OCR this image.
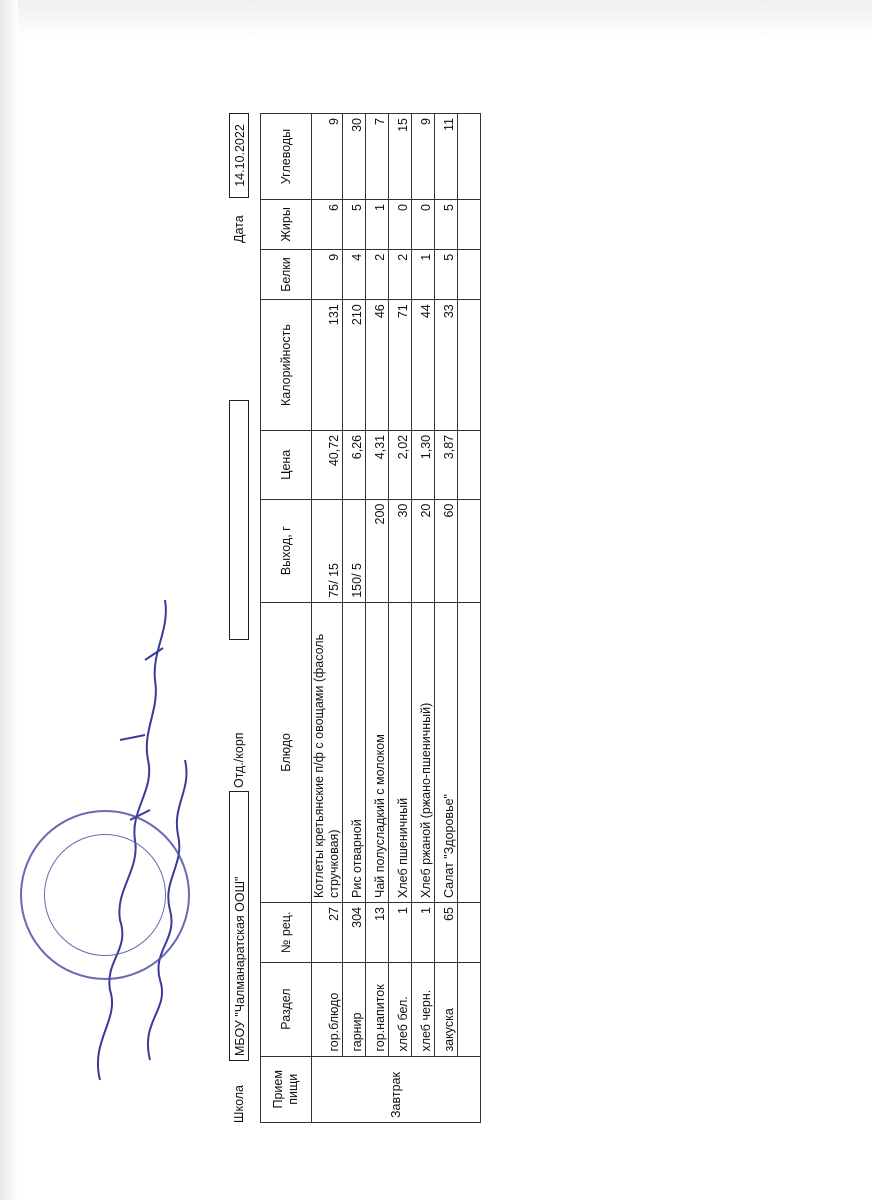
Школа
МБОУ "Чалманаратская ООШ"
Отд./корп
Дата
14.10.2022
Прием пищи	Раздел	№ рец.	Блюдо	Выход, г	Цена	Калорийность	Белки	Жиры	Углеводы
Завтрак	гор.блюдо	27	Котлеты кретьянские п/ф с овощами (фасоль стручковая)	75/ 15	40,72	131	9	6	9
	гарнир	304	Рис отварной	150/ 5	6,26	210	4	5	30
	гор.напиток	13	Чай полусладкий с молоком	200	4,31	46	2	1	7
	хлеб бел.	1	Хлеб пшеничный	30	2,02	71	2	0	15
	хлеб черн.	1	Хлеб ржаной (ржано-пшеничный)	20	1,30	44	1	0	9
	закуска	65	Салат "Здоровье"	60	3,87	33	5	5	11
